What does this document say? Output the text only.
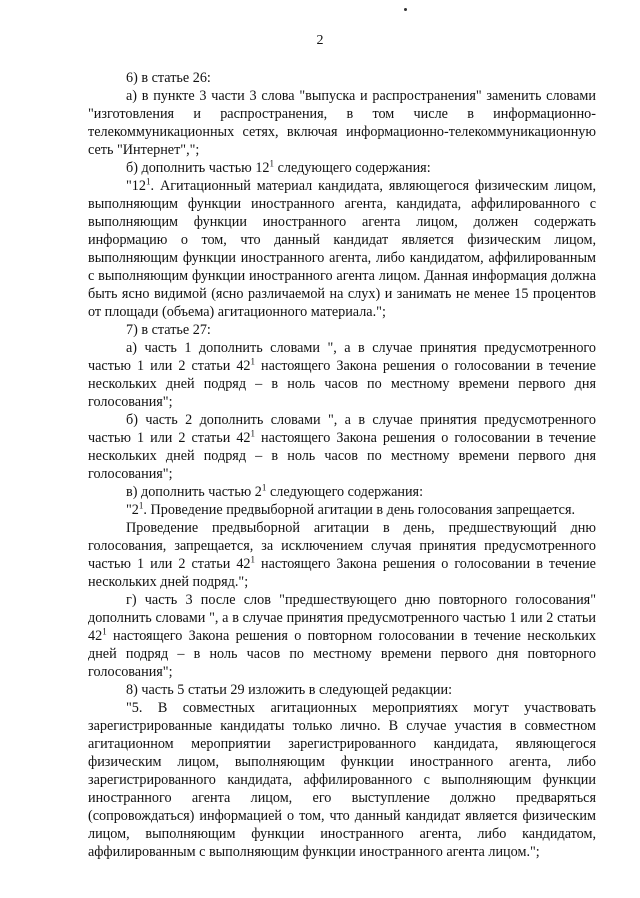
2

6) в статье 26:

а) в пункте 3 части 3 слова "выпуска и распространения" заменить словами "изготовления и распространения, в том числе в информационно-телекоммуникационных сетях, включая информационно-телекоммуникационную сеть "Интернет",";

б) дополнить частью $12^1$ следующего содержания:

"$12^1$. Агитационный материал кандидата, являющегося физическим лицом, выполняющим функции иностранного агента, кандидата, аффилированного с выполняющим функции иностранного агента лицом, должен содержать информацию о том, что данный кандидат является физическим лицом, выполняющим функции иностранного агента, либо кандидатом, аффилированным с выполняющим функции иностранного агента лицом. Данная информация должна быть ясно видимой (ясно различаемой на слух) и занимать не менее 15 процентов от площади (объема) агитационного материала.";

7) в статье 27:

а) часть 1 дополнить словами ", а в случае принятия предусмотренного частью 1 или 2 статьи $42^1$ настоящего Закона решения о голосовании в течение нескольких дней подряд – в ноль часов по местному времени первого дня голосования";

б) часть 2 дополнить словами ", а в случае принятия предусмотренного частью 1 или 2 статьи $42^1$ настоящего Закона решения о голосовании в течение нескольких дней подряд – в ноль часов по местному времени первого дня голосования";

в) дополнить частью $2^1$ следующего содержания:

"$2^1$. Проведение предвыборной агитации в день голосования запрещается.

Проведение предвыборной агитации в день, предшествующий дню голосования, запрещается, за исключением случая принятия предусмотренного частью 1 или 2 статьи $42^1$ настоящего Закона решения о голосовании в течение нескольких дней подряд.";

г) часть 3 после слов "предшествующего дню повторного голосования" дополнить словами ", а в случае принятия предусмотренного частью 1 или 2 статьи $42^1$ настоящего Закона решения о повторном голосовании в течение нескольких дней подряд – в ноль часов по местному времени первого дня повторного голосования";

8) часть 5 статьи 29 изложить в следующей редакции:

"5. В совместных агитационных мероприятиях могут участвовать зарегистрированные кандидаты только лично. В случае участия в совместном агитационном мероприятии зарегистрированного кандидата, являющегося физическим лицом, выполняющим функции иностранного агента, либо зарегистрированного кандидата, аффилированного с выполняющим функции иностранного агента лицом, его выступление должно предваряться (сопровождаться) информацией о том, что данный кандидат является физическим лицом, выполняющим функции иностранного агента, либо кандидатом, аффилированным с выполняющим функции иностранного агента лицом.";
